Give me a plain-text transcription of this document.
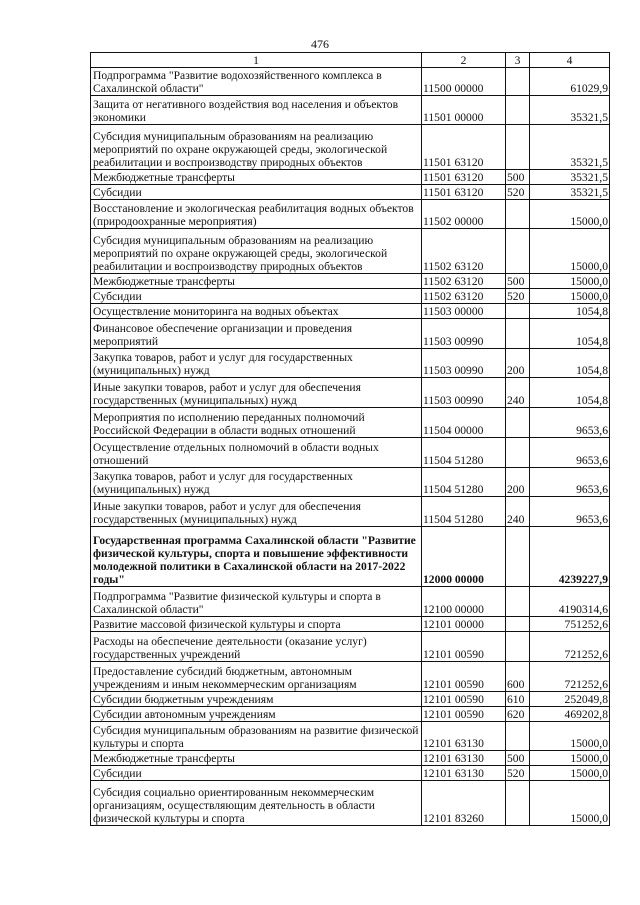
476
1	2	3	4
Подпрограмма "Развитие водохозяйственного комплекса в Сахалинской области"	11500 00000		61029,9
Защита от негативного воздействия вод населения и объектов экономики	11501 00000		35321,5
Субсидия муниципальным образованиям на реализацию мероприятий по охране окружающей среды, экологической реабилитации и воспроизводству природных объектов	11501 63120		35321,5
Межбюджетные трансферты	11501 63120	500	35321,5
Субсидии	11501 63120	520	35321,5
Восстановление и экологическая реабилитация водных объектов (природоохранные мероприятия)	11502 00000		15000,0
Субсидия муниципальным образованиям на реализацию мероприятий по охране окружающей среды, экологической реабилитации и воспроизводству природных объектов	11502 63120		15000,0
Межбюджетные трансферты	11502 63120	500	15000,0
Субсидии	11502 63120	520	15000,0
Осуществление мониторинга на водных объектах	11503 00000		1054,8
Финансовое обеспечение организации и проведения мероприятий	11503 00990		1054,8
Закупка товаров, работ и услуг для государственных (муниципальных) нужд	11503 00990	200	1054,8
Иные закупки товаров, работ и услуг для обеспечения государственных (муниципальных) нужд	11503 00990	240	1054,8
Мероприятия по исполнению переданных полномочий Российской Федерации в области водных отношений	11504 00000		9653,6
Осуществление отдельных полномочий в области водных отношений	11504 51280		9653,6
Закупка товаров, работ и услуг для государственных (муниципальных) нужд	11504 51280	200	9653,6
Иные закупки товаров, работ и услуг для обеспечения государственных (муниципальных) нужд	11504 51280	240	9653,6
Государственная программа Сахалинской области "Развитие физической культуры, спорта и повышение эффективности молодежной политики в Сахалинской области на 2017-2022 годы"	12000 00000		4239227,9
Подпрограмма "Развитие физической культуры и спорта в Сахалинской области"	12100 00000		4190314,6
Развитие массовой физической культуры и спорта	12101 00000		751252,6
Расходы на обеспечение деятельности (оказание услуг) государственных учреждений	12101 00590		721252,6
Предоставление субсидий бюджетным, автономным учреждениям и иным некоммерческим организациям	12101 00590	600	721252,6
Субсидии бюджетным учреждениям	12101 00590	610	252049,8
Субсидии автономным учреждениям	12101 00590	620	469202,8
Субсидия муниципальным образованиям на развитие физической культуры и спорта	12101 63130		15000,0
Межбюджетные трансферты	12101 63130	500	15000,0
Субсидии	12101 63130	520	15000,0
Субсидия социально ориентированным некоммерческим организациям, осуществляющим деятельность в области физической культуры и спорта	12101 83260		15000,0
